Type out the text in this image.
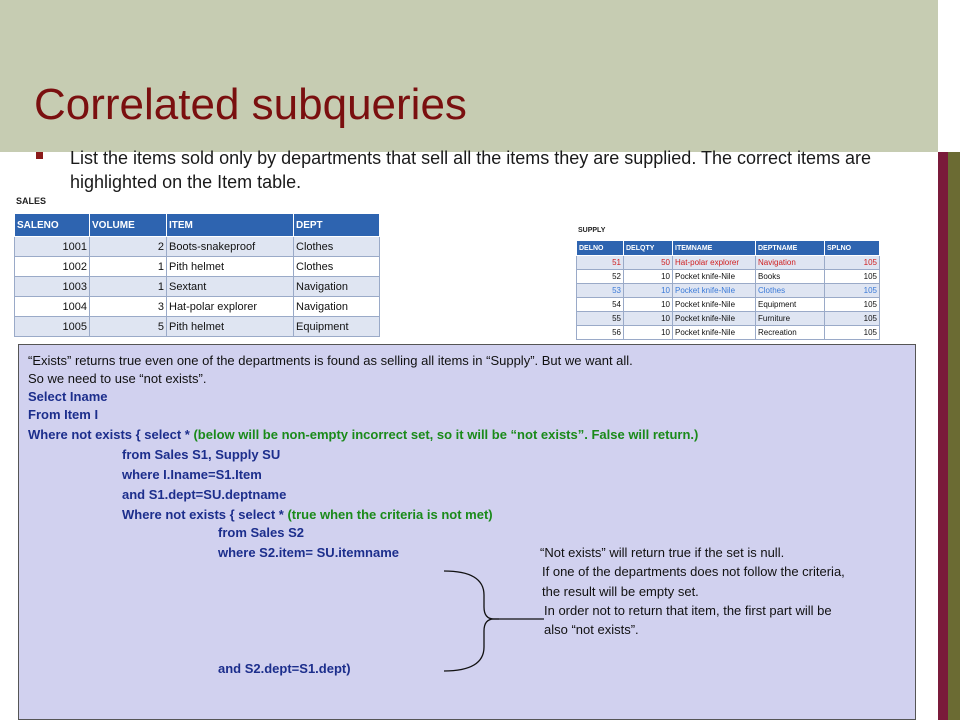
Correlated subqueries
List the items sold only by departments that sell all the items they are supplied. The correct items are highlighted on the Item table.
SALES
SALENO	VOLUME	ITEM	DEPT
1001	2	Boots-snakeproof	Clothes
1002	1	Pith helmet	Clothes
1003	1	Sextant	Navigation
1004	3	Hat-polar explorer	Navigation
1005	5	Pith helmet	Equipment
SUPPLY
DELNO	DELQTY	ITEMNAME	DEPTNAME	SPLNO
51	50	Hat-polar explorer	Navigation	105
52	10	Pocket knife-Nile	Books	105
53	10	Pocket knife-Nile	Clothes	105
54	10	Pocket knife-Nile	Equipment	105
55	10	Pocket knife-Nile	Furniture	105
56	10	Pocket knife-Nile	Recreation	105
“Exists” returns true even one of the departments is found as selling all items in “Supply”. But we want all.
So we need to use “not exists”.
Select Iname
From Item I
Where not exists { select * (below will be non-empty incorrect set, so it will be “not exists”. False will return.)
from Sales S1, Supply SU
where I.Iname=S1.Item
and S1.dept=SU.deptname
Where not exists { select * (true when the criteria is not met)
from Sales S2
where S2.item= SU.itemname
and S2.dept=S1.dept)
“Not exists” will return true if the set is null.
If one of the departments does not follow the criteria,
the result will be empty set.
In order not to return that item, the first part will be
also “not exists”.
